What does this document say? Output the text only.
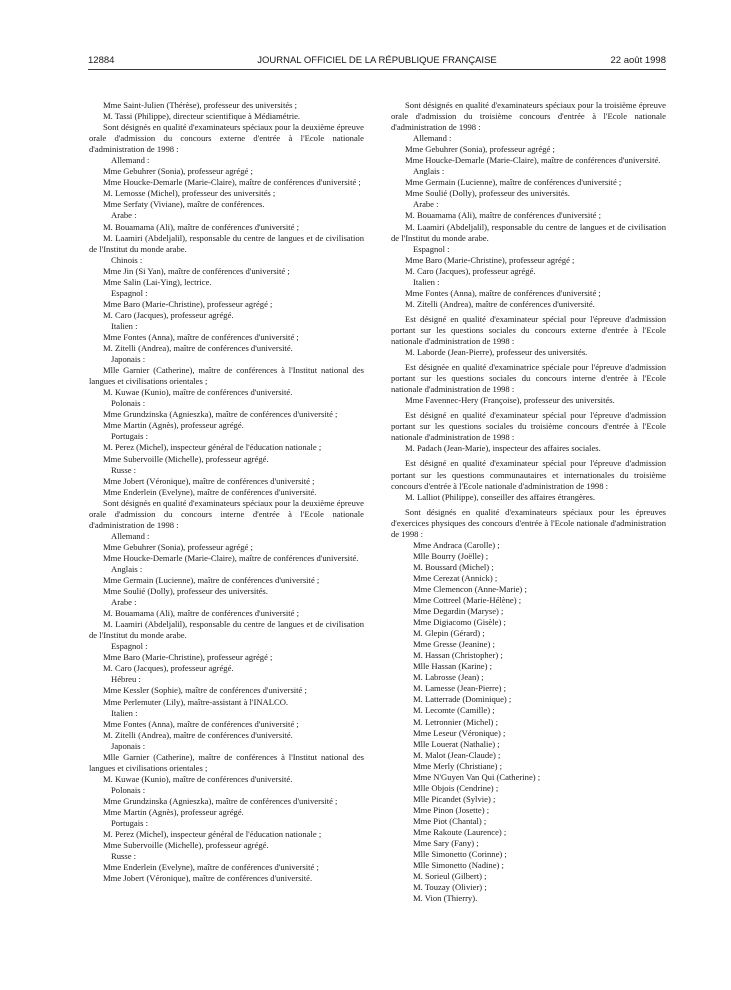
12884	JOURNAL OFFICIEL DE LA RÉPUBLIQUE FRANÇAISE	22 août 1998

Mme Saint-Julien (Thérèse), professeur des universités ;

M. Tassi (Philippe), directeur scientifique à Médiamétrie.

Sont désignés en qualité d'examinateurs spéciaux pour la deuxième épreuve orale d'admission du concours externe d'entrée à l'Ecole nationale d'administration de 1998 :

Allemand :

Mme Gebuhrer (Sonia), professeur agrégé ;

Mme Houcke-Demarle (Marie-Claire), maître de conférences d'université ;

M. Lemosse (Michel), professeur des universités ;

Mme Serfaty (Viviane), maître de conférences.

Arabe :

M. Bouamama (Ali), maître de conférences d'université ;

M. Laamiri (Abdeljalil), responsable du centre de langues et de civilisation de l'Institut du monde arabe.

Chinois :

Mme Jin (Si Yan), maître de conférences d'université ;

Mme Salin (Lai-Ying), lectrice.

Espagnol :

Mme Baro (Marie-Christine), professeur agrégé ;

M. Caro (Jacques), professeur agrégé.

Italien :

Mme Fontes (Anna), maître de conférences d'université ;

M. Zitelli (Andrea), maître de conférences d'université.

Japonais :

Mlle Garnier (Catherine), maître de conférences à l'Institut national des langues et civilisations orientales ;

M. Kuwae (Kunio), maître de conférences d'université.

Polonais :

Mme Grundzinska (Agnieszka), maître de conférences d'université ;

Mme Martin (Agnès), professeur agrégé.

Portugais :

M. Perez (Michel), inspecteur général de l'éducation nationale ;

Mme Subervoille (Michelle), professeur agrégé.

Russe :

Mme Jobert (Véronique), maître de conférences d'université ;

Mme Enderlein (Evelyne), maître de conférences d'université.

Sont désignés en qualité d'examinateurs spéciaux pour la deuxième épreuve orale d'admission du concours interne d'entrée à l'Ecole nationale d'administration de 1998 :

Allemand :

Mme Gebuhrer (Sonia), professeur agrégé ;

Mme Houcke-Demarle (Marie-Claire), maître de conférences d'université.

Anglais :

Mme Germain (Lucienne), maître de conférences d'université ;

Mme Soulié (Dolly), professeur des universités.

Arabe :

M. Bouamama (Ali), maître de conférences d'université ;

M. Laamiri (Abdeljalil), responsable du centre de langues et de civilisation de l'Institut du monde arabe.

Espagnol :

Mme Baro (Marie-Christine), professeur agrégé ;

M. Caro (Jacques), professeur agrégé.

Hébreu :

Mme Kessler (Sophie), maître de conférences d'université ;

Mme Perlemuter (Lily), maître-assistant à l'INALCO.

Italien :

Mme Fontes (Anna), maître de conférences d'université ;

M. Zitelli (Andrea), maître de conférences d'université.

Japonais :

Mlle Garnier (Catherine), maître de conférences à l'Institut national des langues et civilisations orientales ;

M. Kuwae (Kunio), maître de conférences d'université.

Polonais :

Mme Grundzinska (Agnieszka), maître de conférences d'université ;

Mme Martin (Agnès), professeur agrégé.

Portugais :

M. Perez (Michel), inspecteur général de l'éducation nationale ;

Mme Subervoille (Michelle), professeur agrégé.

Russe :

Mme Enderlein (Evelyne), maître de conférences d'université ;

Mme Jobert (Véronique), maître de conférences d'université.

Sont désignés en qualité d'examinateurs spéciaux pour la troisième épreuve orale d'admission du troisième concours d'entrée à l'Ecole nationale d'administration de 1998 :

Allemand :

Mme Gebuhrer (Sonia), professeur agrégé ;

Mme Houcke-Demarle (Marie-Claire), maître de conférences d'université.

Anglais :

Mme Germain (Lucienne), maître de conférences d'université ;

Mme Soulié (Dolly), professeur des universités.

Arabe :

M. Bouamama (Ali), maître de conférences d'université ;

M. Laamiri (Abdeljalil), responsable du centre de langues et de civilisation de l'Institut du monde arabe.

Espagnol :

Mme Baro (Marie-Christine), professeur agrégé ;

M. Caro (Jacques), professeur agrégé.

Italien :

Mme Fontes (Anna), maître de conférences d'université ;

M. Zitelli (Andrea), maître de conférences d'université.

Est désigné en qualité d'examinateur spécial pour l'épreuve d'admission portant sur les questions sociales du concours externe d'entrée à l'Ecole nationale d'administration de 1998 :

M. Laborde (Jean-Pierre), professeur des universités.

Est désignée en qualité d'examinatrice spéciale pour l'épreuve d'admission portant sur les questions sociales du concours interne d'entrée à l'Ecole nationale d'administration de 1998 :

Mme Favennec-Hery (Françoise), professeur des universités.

Est désigné en qualité d'examinateur spécial pour l'épreuve d'admission portant sur les questions sociales du troisième concours d'entrée à l'Ecole nationale d'administration de 1998 :

M. Padach (Jean-Marie), inspecteur des affaires sociales.

Est désigné en qualité d'examinateur spécial pour l'épreuve d'admission portant sur les questions communautaires et internationales du troisième concours d'entrée à l'Ecole nationale d'administration de 1998 :

M. Lalliot (Philippe), conseiller des affaires étrangères.

Sont désignés en qualité d'examinateurs spéciaux pour les épreuves d'exercices physiques des concours d'entrée à l'Ecole nationale d'administration de 1998 :

Mme Andraca (Carolle) ;

Mlle Bourry (Joëlle) ;

M. Boussard (Michel) ;

Mme Cerezat (Annick) ;

Mme Clemencon (Anne-Marie) ;

Mme Cottreel (Marie-Hélène) ;

Mme Degardin (Maryse) ;

Mme Digiacomo (Gisèle) ;

M. Glepin (Gérard) ;

Mme Gresse (Jeanine) ;

M. Hassan (Christopher) ;

Mlle Hassan (Karine) ;

M. Labrosse (Jean) ;

M. Lamesse (Jean-Pierre) ;

M. Latterrade (Dominique) ;

M. Lecomte (Camille) ;

M. Letronnier (Michel) ;

Mme Leseur (Véronique) ;

Mlle Louerat (Nathalie) ;

M. Malot (Jean-Claude) ;

Mme Merly (Christiane) ;

Mme N'Guyen Van Qui (Catherine) ;

Mlle Objois (Cendrine) ;

Mlle Picandet (Sylvie) ;

Mme Pinon (Josette) ;

Mme Piot (Chantal) ;

Mme Rakoute (Laurence) ;

Mme Sary (Fany) ;

Mlle Simonetto (Corinne) ;

Mlle Simonetto (Nadine) ;

M. Sorieul (Gilbert) ;

M. Touzay (Olivier) ;

M. Vion (Thierry).
